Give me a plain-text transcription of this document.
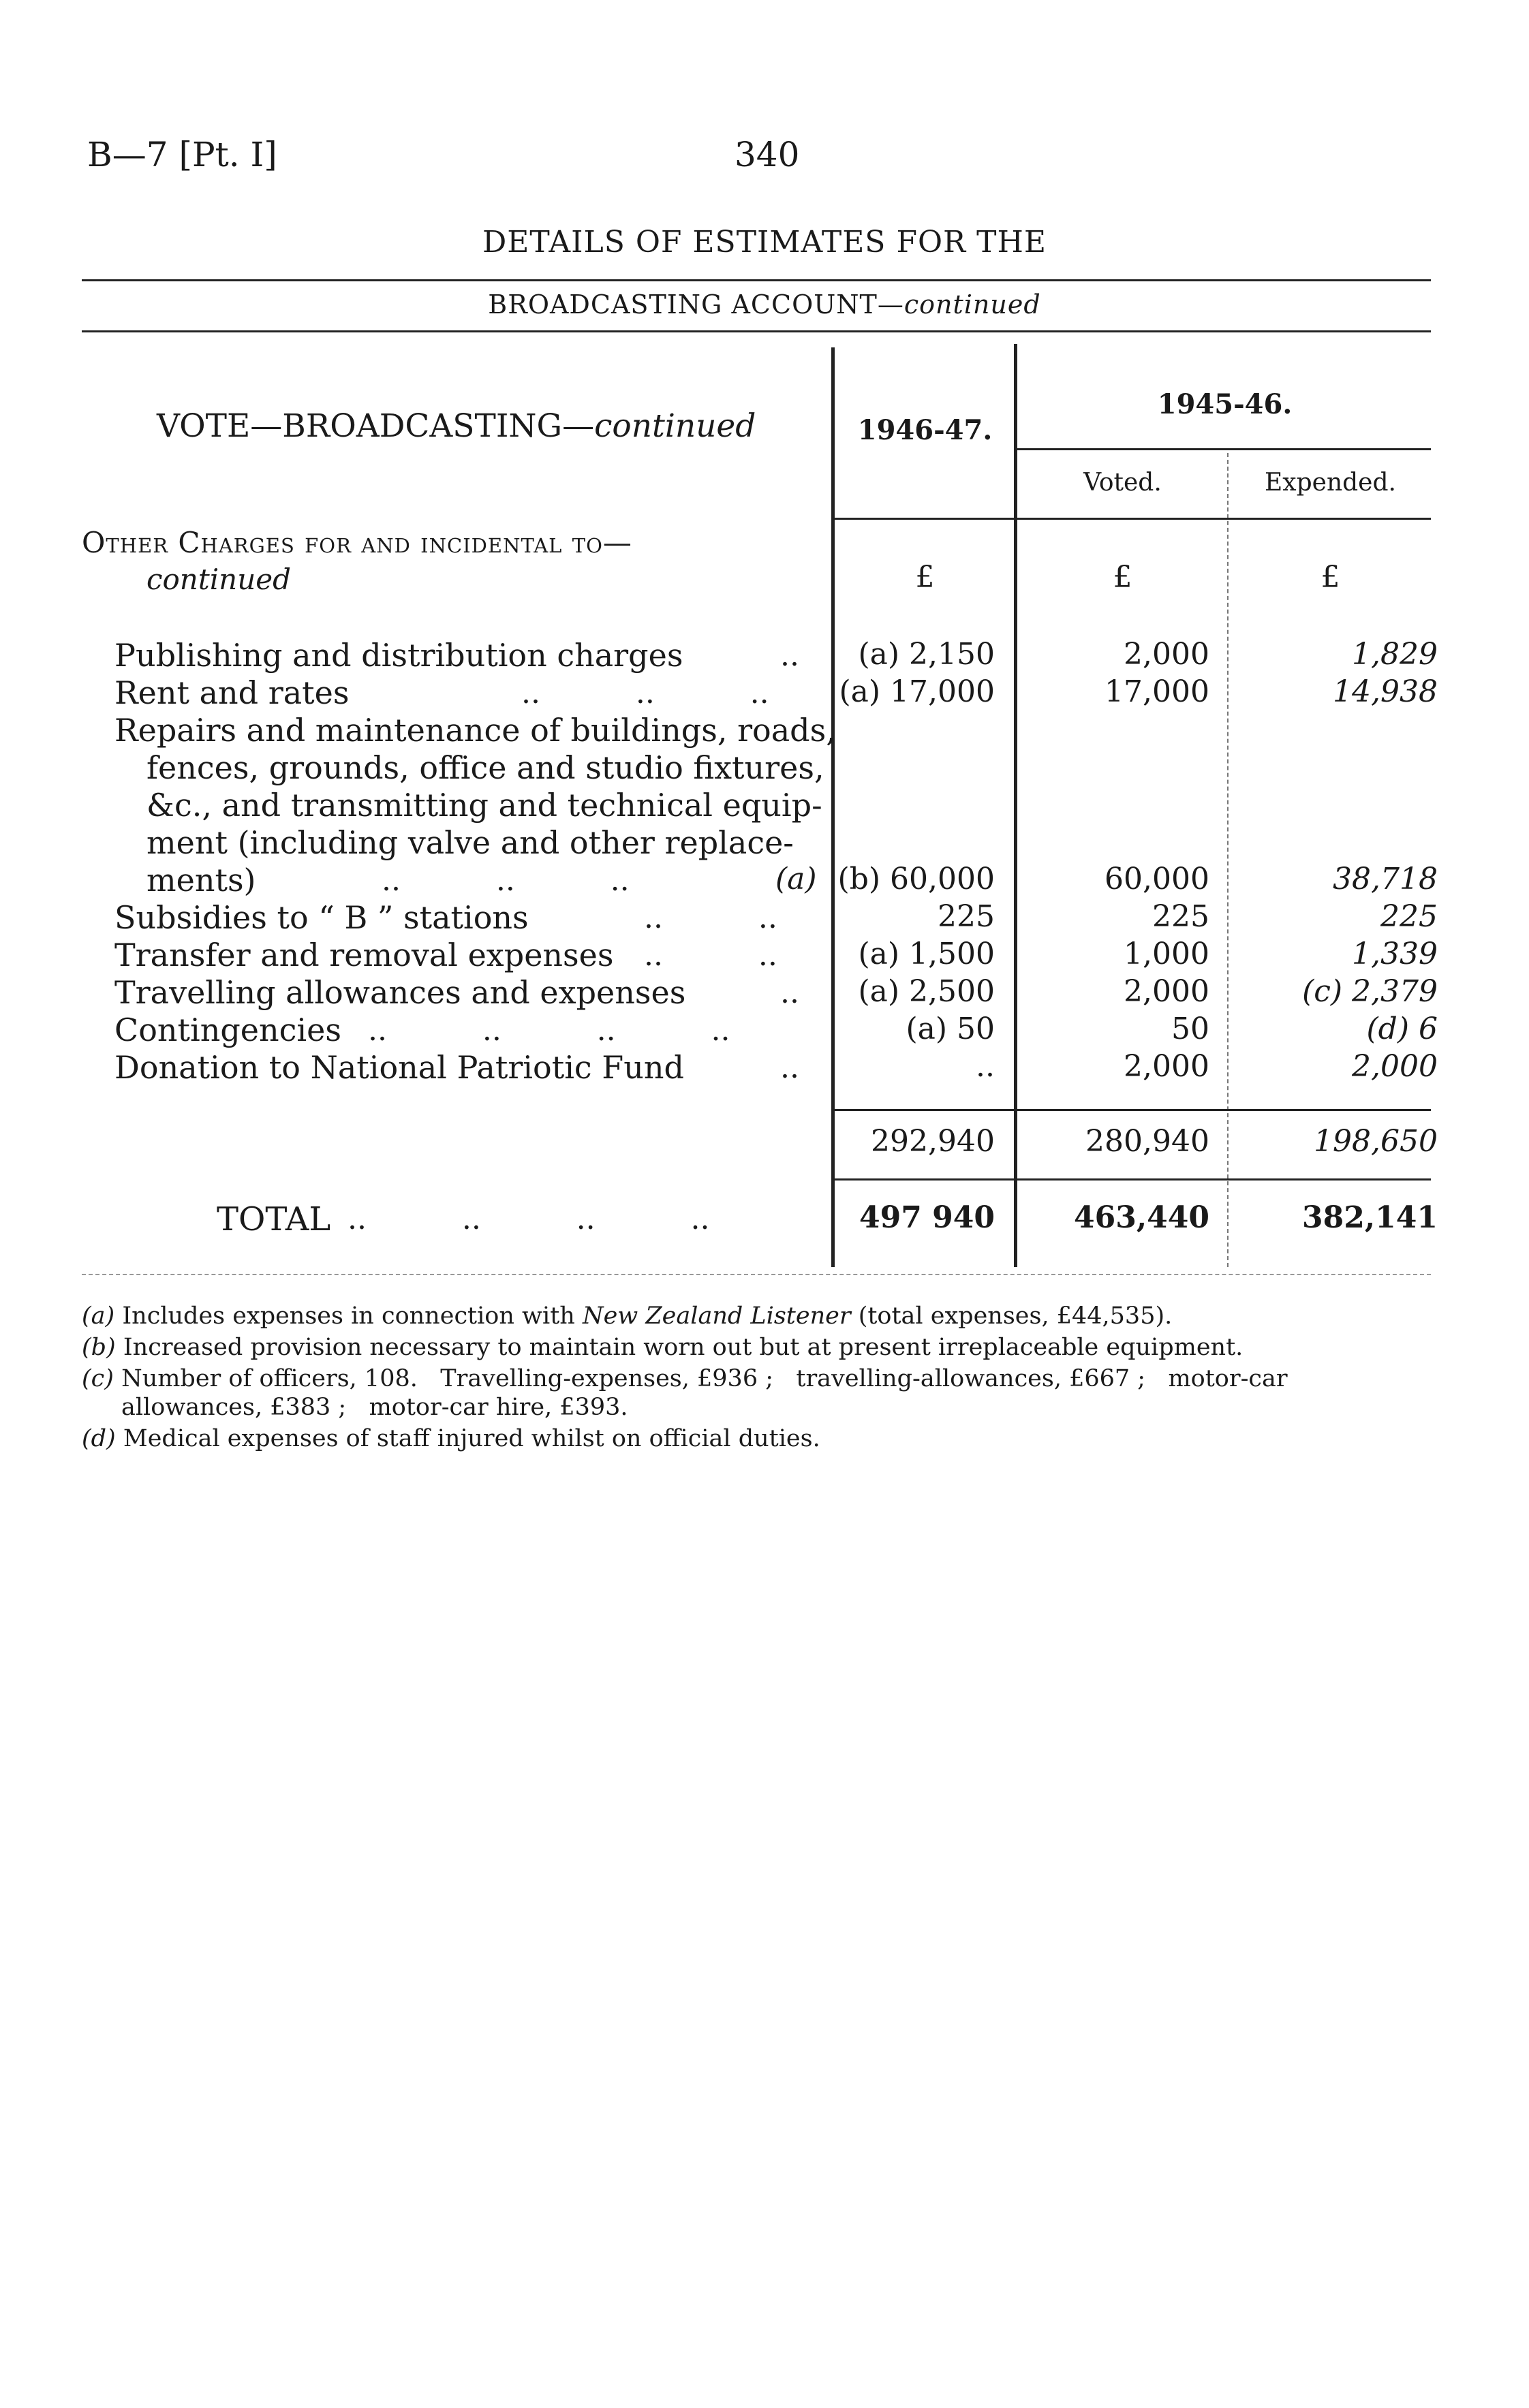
B—7 [Pt. I]	340
DETAILS OF ESTIMATES FOR THE
BROADCASTING ACCOUNT—continued
VOTE—BROADCASTING—continued	1946-47.
1945-46.
Voted.	Expended.
Other Charges for and incidental to—
continued	£	£	£
Publishing and distribution charges	..	(a) 2,150	2,000	1,829
Rent and rates	..          ..          .. (a) 17,000	17,000	14,938
Repairs and maintenance of buildings, roads,
fences, grounds, office and studio fixtures,
&c., and transmitting and technical equip-
ment (including valve and other replace-
ments)	..          ..          ..	(a) (b) 60,000	60,000	38,718
Subsidies to “ B ” stations	..          ..	225	225	225
Transfer and removal expenses ..          ..	(a) 1,500	1,000	1,339
Travelling allowances and expenses	..	(a) 2,500	2,000	(c) 2,379
Contingencies ..          ..          ..          ..	(a) 50	50	(d) 6
Donation to National Patriotic Fund	..	..	2,000	2,000
292,940	280,940	198,650
TOTAL ..          ..          ..          ..	497 940	463,440	382,141
(a) Includes expenses in connection with New Zealand Listener (total expenses, £44,535).
(b) Increased provision necessary to maintain worn out but at present irreplaceable equipment.
(c) Number of officers, 108.   Travelling-expenses, £936 ;   travelling-allowances, £667 ;   motor-car
allowances, £383 ;   motor-car hire, £393.
(d) Medical expenses of staff injured whilst on official duties.
